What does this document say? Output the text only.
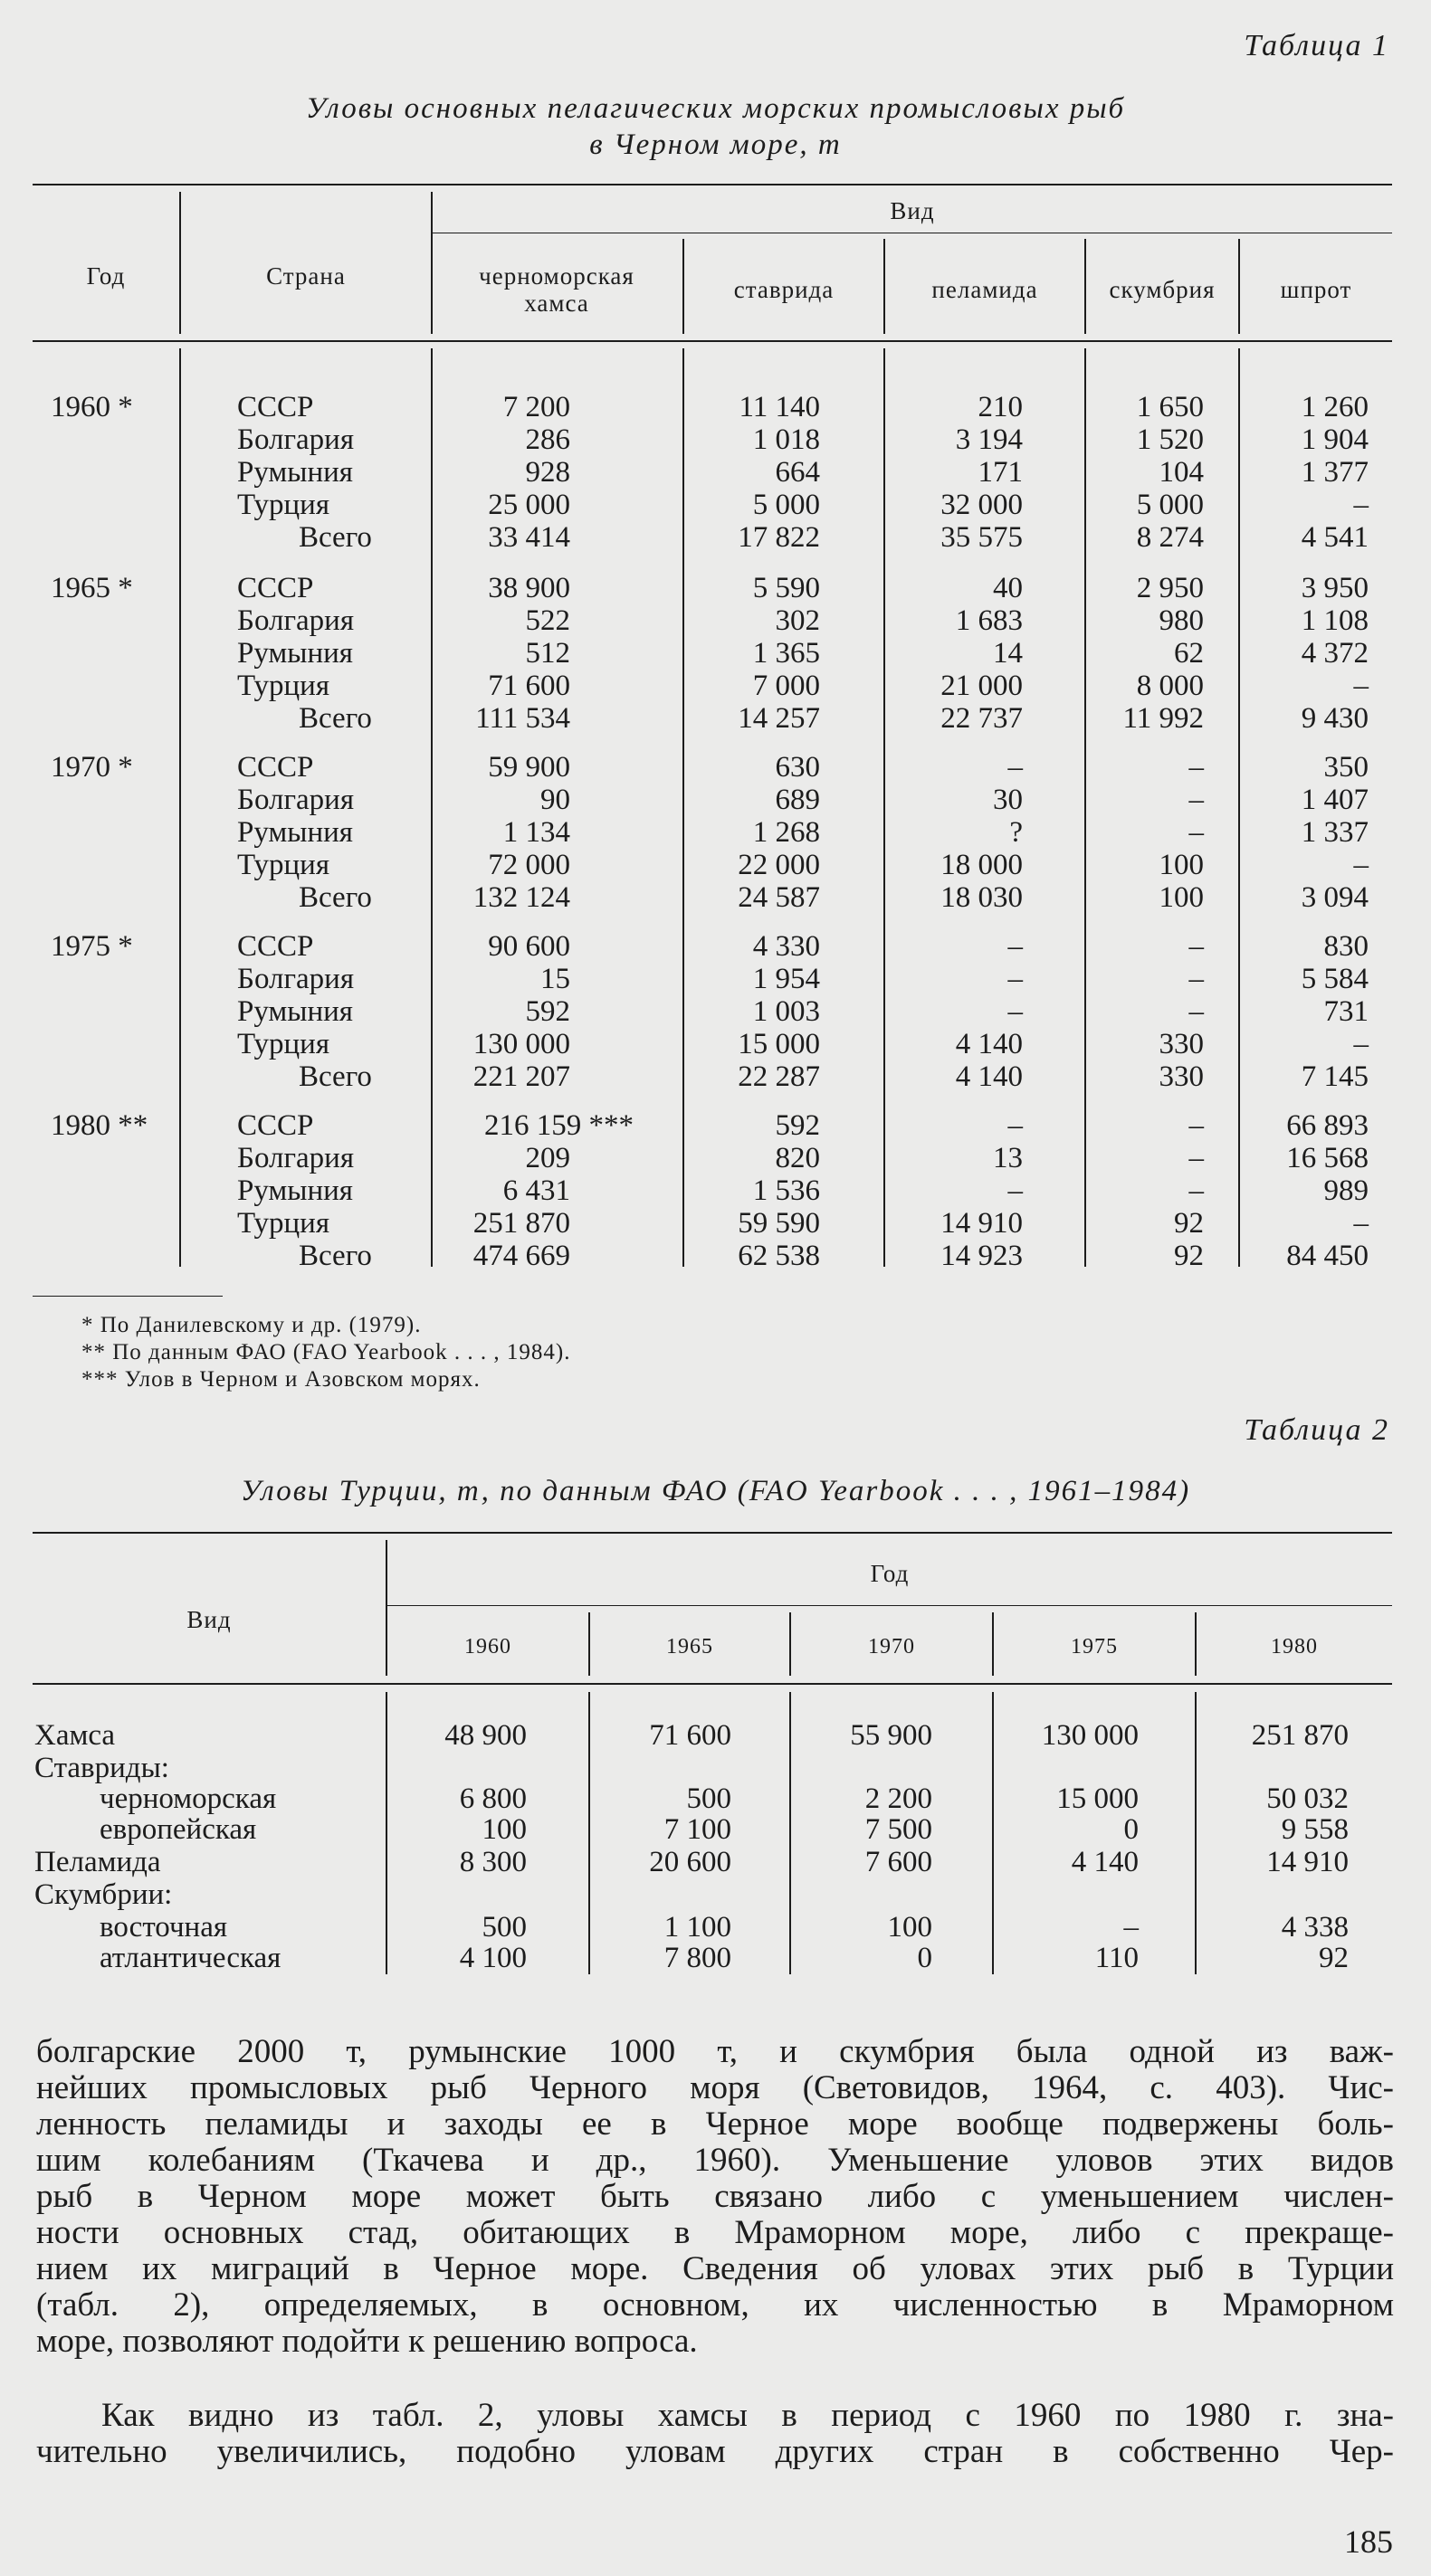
Таблица 1
Уловы основных пелагических морских промысловых рыб
в Черном море, т
Год	Страна
Вид
черноморская хамса	ставрида	пеламида	скумбрия	шпрот
1960 *	СССР	7 200	11 140	210	1 650	1 260
Болгария	286	1 018	3 194	1 520	1 904
Румыния	928	664	171	104	1 377
Турция	25 000	5 000	32 000	5 000	–
Всего	33 414	17 822	35 575	8 274	4 541
1965 *	СССР	38 900	5 590	40	2 950	3 950
Болгария	522	302	1 683	980	1 108
Румыния	512	1 365	14	62	4 372
Турция	71 600	7 000	21 000	8 000	–
Всего	111 534	14 257	22 737	11 992	9 430
1970 *	СССР	59 900	630	–	–	350
Болгария	90	689	30	–	1 407
Румыния	1 134	1 268	?	–	1 337
Турция	72 000	22 000	18 000	100	–
Всего	132 124	24 587	18 030	100	3 094
1975 *	СССР	90 600	4 330	–	–	830
Болгария	15	1 954	–	–	5 584
Румыния	592	1 003	–	–	731
Турция	130 000	15 000	4 140	330	–
Всего	221 207	22 287	4 140	330	7 145
1980 **	СССР	216 159 ***	592	–	–	66 893
Болгария	209	820	13	–	16 568
Румыния	6 431	1 536	–	–	989
Турция	251 870	59 590	14 910	92	–
Всего	474 669	62 538	14 923	92	84 450
* По Данилевскому и др. (1979).
** По данным ФАО (FAO Yearbook . . . , 1984).
*** Улов в Черном и Азовском морях.
Таблица 2
Уловы Турции, т, по данным ФАО (FAO Yearbook . . . , 1961–1984)
Вид
Год
1960	1965	1970	1975	1980
Хамса	48 900	71 600	55 900	130 000	251 870
Ставриды:
черноморская	6 800	500	2 200	15 000	50 032
европейская	100	7 100	7 500	0	9 558
Пеламида	8 300	20 600	7 600	4 140	14 910
Скумбрии:
восточная	500	1 100	100	–	4 338
атлантическая	4 100	7 800	0	110	92
болгарские 2000 т, румынские 1000 т, и скумбрия была одной из важ-
нейших промысловых рыб Черного моря (Световидов, 1964, с. 403). Чис-
ленность пеламиды и заходы ее в Черное море вообще подвержены боль-
шим колебаниям (Ткачева и др., 1960). Уменьшение уловов этих видов
рыб в Черном море может быть связано либо с уменьшением числен-
ности основных стад, обитающих в Мраморном море, либо с прекраще-
нием их миграций в Черное море. Сведения об уловах этих рыб в Турции
(табл. 2), определяемых, в основном, их численностью в Мраморном
море, позволяют подойти к решению вопроса.
Как видно из табл. 2, уловы хамсы в период с 1960 по 1980 г. зна-
чительно увеличились, подобно уловам других стран в собственно Чер-
185
